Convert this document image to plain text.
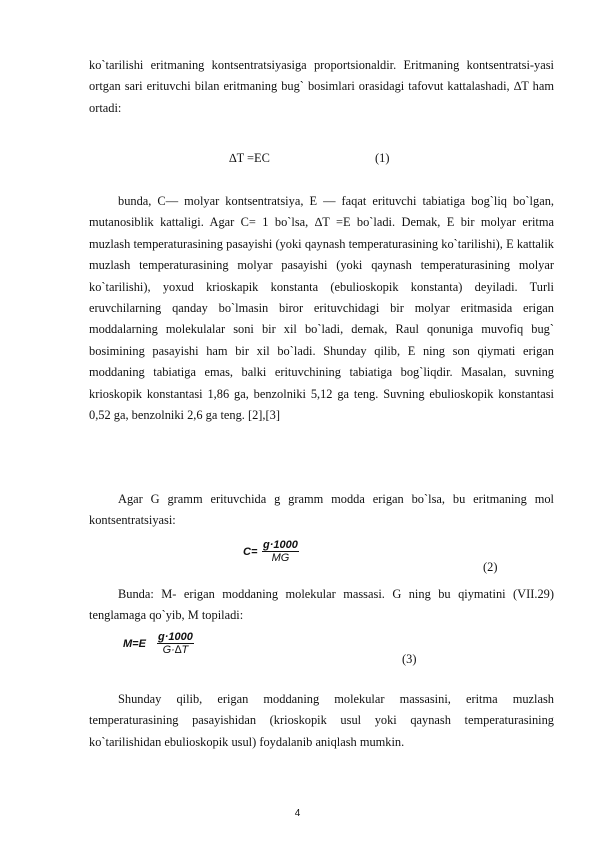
ko`tarilishi eritmaning kontsentratsiyasiga proportsionaldir. Eritmaning kontsentratsi-yasi ortgan sari erituvchi bilan eritmaning bug` bosimlari orasidagi tafovut kattalashadi, ∆T ham ortadi:

∆T =EC	(1)

bunda, C— molyar kontsentratsiya, E — faqat erituvchi tabiatiga bog`liq bo`lgan, mutanosiblik kattaligi. Agar C= 1 bo`lsa, ∆T =E bo`ladi. Demak, E bir molyar eritma muzlash temperaturasining pasayishi (yoki qaynash temperaturasining ko`tarilishi), E kattalik muzlash temperaturasining molyar pasayishi (yoki qaynash temperaturasining molyar ko`tarilishi), yoxud krioskapik konstanta (ebulioskopik konstanta) deyiladi. Turli eruvchilarning qanday bo`lmasin biror erituvchidagi bir molyar eritmasida erigan moddalarning molekulalar soni bir xil bo`ladi, demak, Raul qonuniga muvofiq bug` bosimining pasayishi ham bir xil bo`ladi. Shunday qilib, E ning son qiymati erigan moddaning tabiatiga emas, balki erituvchining tabiatiga bog`liqdir. Masalan, suvning krioskopik konstantasi 1,86 ga, benzolniki 5,12 ga teng. Suvning ebulioskopik konstantasi 0,52 ga, benzolniki 2,6 ga teng. [2],[3]

Agar G gramm erituvchida g gramm modda erigan bo`lsa, bu eritmaning mol kontsentratsiyasi:

$C= \frac{g\cdot 1000}{MG}$
(2)

Bunda: M- erigan moddaning molekular massasi. G ning bu qiymatini (VII.29) tenglamaga qo`yib, M topiladi:

$M=E \frac{g\cdot 1000}{G\cdot\Delta T}$
(3)

Shunday qilib, erigan moddaning molekular massasini, eritma muzlash temperaturasining pasayishidan (krioskopik usul yoki qaynash temperaturasining ko`tarilishidan ebulioskopik usul) foydalanib aniqlash mumkin.

4
